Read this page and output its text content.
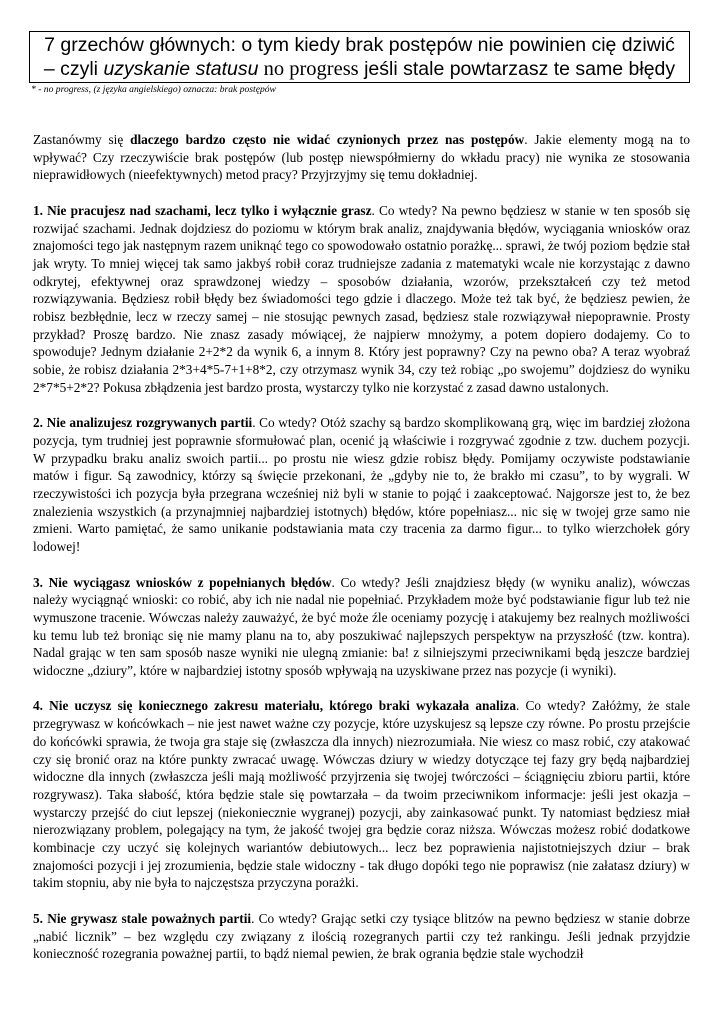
7 grzechów głównych: o tym kiedy brak postępów nie powinien cię dziwić
– czyli uzyskanie statusu no progress jeśli stale powtarzasz te same błędy
* - no progress, (z języka angielskiego) oznacza: brak postępów

Zastanówmy się dlaczego bardzo często nie widać czynionych przez nas postępów. Jakie elementy mogą na to wpływać? Czy rzeczywiście brak postępów (lub postęp niewspółmierny do wkładu pracy) nie wynika ze stosowania nieprawidłowych (nieefektywnych) metod pracy? Przyjrzyjmy się temu dokładniej.

1. Nie pracujesz nad szachami, lecz tylko i wyłącznie grasz. Co wtedy? Na pewno będziesz w stanie w ten sposób się rozwijać szachami. Jednak dojdziesz do poziomu w którym brak analiz, znajdywania błędów, wyciągania wniosków oraz znajomości tego jak następnym razem uniknąć tego co spowodowało ostatnio porażkę... sprawi, że twój poziom będzie stał jak wryty. To mniej więcej tak samo jakbyś robił coraz trudniejsze zadania z matematyki wcale nie korzystając z dawno odkrytej, efektywnej oraz sprawdzonej wiedzy – sposobów działania, wzorów, przekształceń czy też metod rozwiązywania. Będziesz robił błędy bez świadomości tego gdzie i dlaczego. Może też tak być, że będziesz pewien, że robisz bezbłędnie, lecz w rzeczy samej – nie stosując pewnych zasad, będziesz stale rozwiązywał niepoprawnie. Prosty przykład? Proszę bardzo. Nie znasz zasady mówiącej, że najpierw mnożymy, a potem dopiero dodajemy. Co to spowoduje? Jednym działanie 2+2*2 da wynik 6, a innym 8. Który jest poprawny? Czy na pewno oba? A teraz wyobraź sobie, że robisz działania 2*3+4*5-7+1+8*2, czy otrzymasz wynik 34, czy też robiąc „po swojemu” dojdziesz do wyniku 2*7*5+2*2? Pokusa zbłądzenia jest bardzo prosta, wystarczy tylko nie korzystać z zasad dawno ustalonych.

2. Nie analizujesz rozgrywanych partii. Co wtedy? Otóż szachy są bardzo skomplikowaną grą, więc im bardziej złożona pozycja, tym trudniej jest poprawnie sformułować plan, ocenić ją właściwie i rozgrywać zgodnie z tzw. duchem pozycji. W przypadku braku analiz swoich partii... po prostu nie wiesz gdzie robisz błędy. Pomijamy oczywiste podstawianie matów i figur. Są zawodnicy, którzy są święcie przekonani, że „gdyby nie to, że brakło mi czasu”, to by wygrali. W rzeczywistości ich pozycja była przegrana wcześniej niż byli w stanie to pojąć i zaakceptować. Najgorsze jest to, że bez znalezienia wszystkich (a przynajmniej najbardziej istotnych) błędów, które popełniasz... nic się w twojej grze samo nie zmieni. Warto pamiętać, że samo unikanie podstawiania mata czy tracenia za darmo figur... to tylko wierzchołek góry lodowej!

3. Nie wyciągasz wniosków z popełnianych błędów. Co wtedy? Jeśli znajdziesz błędy (w wyniku analiz), wówczas należy wyciągnąć wnioski: co robić, aby ich nie nadal nie popełniać. Przykładem może być podstawianie figur lub też nie wymuszone tracenie. Wówczas należy zauważyć, że być może źle oceniamy pozycję i atakujemy bez realnych możliwości ku temu lub też broniąc się nie mamy planu na to, aby poszukiwać najlepszych perspektyw na przyszłość (tzw. kontra). Nadal grając w ten sam sposób nasze wyniki nie ulegną zmianie: ba! z silniejszymi przeciwnikami będą jeszcze bardziej widoczne „dziury”, które w najbardziej istotny sposób wpływają na uzyskiwane przez nas pozycje (i wyniki).

4. Nie uczysz się koniecznego zakresu materiału, którego braki wykazała analiza. Co wtedy? Załóżmy, że stale przegrywasz w końcówkach – nie jest nawet ważne czy pozycje, które uzyskujesz są lepsze czy równe. Po prostu przejście do końcówki sprawia, że twoja gra staje się (zwłaszcza dla innych) niezrozumiała. Nie wiesz co masz robić, czy atakować czy się bronić oraz na które punkty zwracać uwagę. Wówczas dziury w wiedzy dotyczące tej fazy gry będą najbardziej widoczne dla innych (zwłaszcza jeśli mają możliwość przyjrzenia się twojej twórczości – ściągnięciu zbioru partii, które rozgrywasz). Taka słabość, która będzie stale się powtarzała – da twoim przeciwnikom informacje: jeśli jest okazja – wystarczy przejść do ciut lepszej (niekoniecznie wygranej) pozycji, aby zainkasować punkt. Ty natomiast będziesz miał nierozwiązany problem, polegający na tym, że jakość twojej gra będzie coraz niższa. Wówczas możesz robić dodatkowe kombinacje czy uczyć się kolejnych wariantów debiutowych... lecz bez poprawienia najistotniejszych dziur – brak znajomości pozycji i jej zrozumienia, będzie stale widoczny - tak długo dopóki tego nie poprawisz (nie załatasz dziury) w takim stopniu, aby nie była to najczęstsza przyczyna porażki.

5. Nie grywasz stale poważnych partii. Co wtedy? Grając setki czy tysiące blitzów na pewno będziesz w stanie dobrze „nabić licznik” – bez względu czy związany z ilością rozegranych partii czy też rankingu. Jeśli jednak przyjdzie konieczność rozegrania poważnej partii, to bądź niemal pewien, że brak ograniа będzie stale wychodził
